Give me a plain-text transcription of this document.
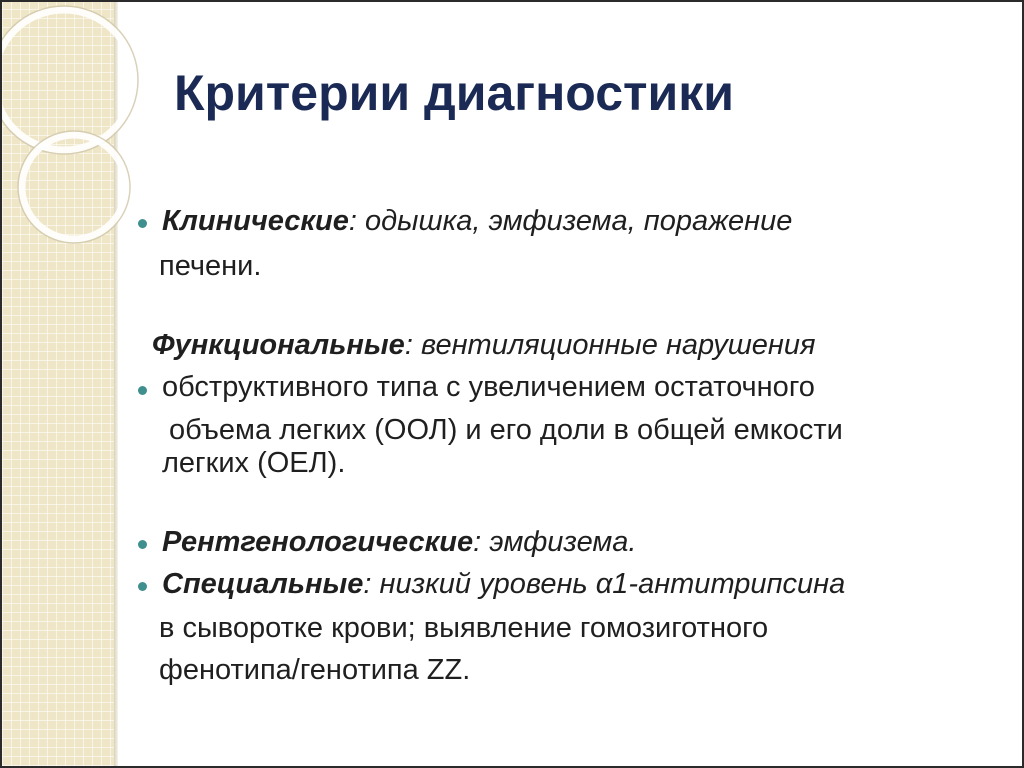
Критерии диагностики
Клинические: одышка, эмфизема, поражение
печени.
Функциональные: вентиляционные нарушения
обструктивного типа с увеличением остаточного
объема легких (ООЛ) и его доли в общей емкости
легких (ОЕЛ).
Рентгенологические: эмфизема.
Специальные: низкий уровень α1-антитрипсина
в сыворотке крови; выявление гомозиготного
фенотипа/генотипа ZZ.
